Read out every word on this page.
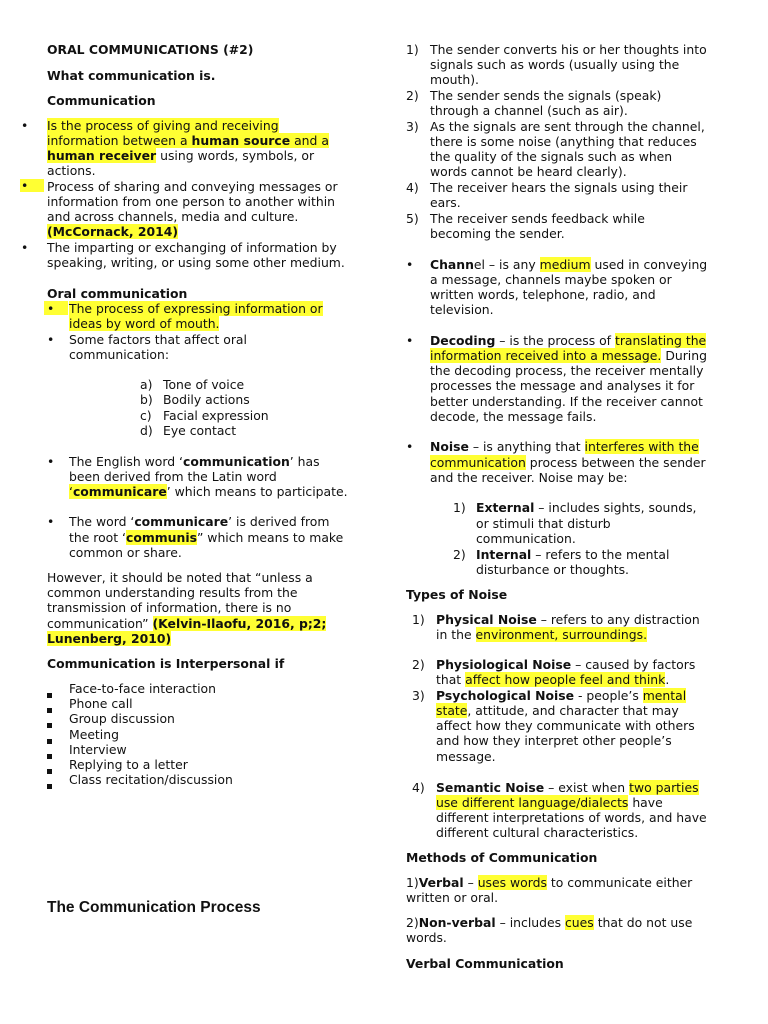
ORAL COMMUNICATIONS (#2)
What communication is.
Communication
• Is the process of giving and receiving
information between a human source and a
human receiver using words, symbols, or
actions.
• Process of sharing and conveying messages or
information from one person to another within
and across channels, media and culture.
(McCornack, 2014)
• The imparting or exchanging of information by
speaking, writing, or using some other medium.
Oral communication
• The process of expressing information or
ideas by word of mouth.
• Some factors that affect oral
communication:
a) Tone of voice
b) Bodily actions
c) Facial expression
d) Eye contact
• The English word ‘communication’ has
been derived from the Latin word
‘communicare’ which means to participate.
• The word ‘communicare’ is derived from
the root ‘communis” which means to make
common or share.
However, it should be noted that “unless a
common understanding results from the
transmission of information, there is no
communication” (Kelvin-Ilaofu, 2016, p;2;
Lunenberg, 2010)
Communication is Interpersonal if
Face-to-face interaction
Phone call
Group discussion
Meeting
Interview
Replying to a letter
Class recitation/discussion
The Communication Process
1) The sender converts his or her thoughts into
signals such as words (usually using the
mouth).
2) The sender sends the signals (speak)
through a channel (such as air).
3) As the signals are sent through the channel,
there is some noise (anything that reduces
the quality of the signals such as when
words cannot be heard clearly).
4) The receiver hears the signals using their
ears.
5) The receiver sends feedback while
becoming the sender.
• Channel – is any medium used in conveying
a message, channels maybe spoken or
written words, telephone, radio, and
television.
• Decoding – is the process of translating the
information received into a message. During
the decoding process, the receiver mentally
processes the message and analyses it for
better understanding. If the receiver cannot
decode, the message fails.
• Noise – is anything that interferes with the
communication process between the sender
and the receiver. Noise may be:
1) External – includes sights, sounds,
or stimuli that disturb
communication.
2) Internal – refers to the mental
disturbance or thoughts.
Types of Noise
1) Physical Noise – refers to any distraction
in the environment, surroundings.
2) Physiological Noise – caused by factors
that affect how people feel and think.
3) Psychological Noise - people’s mental
state, attitude, and character that may
affect how they communicate with others
and how they interpret other people’s
message.
4) Semantic Noise – exist when two parties
use different language/dialects have
different interpretations of words, and have
different cultural characteristics.
Methods of Communication
1)Verbal – uses words to communicate either
written or oral.
2)Non-verbal – includes cues that do not use
words.
Verbal Communication
